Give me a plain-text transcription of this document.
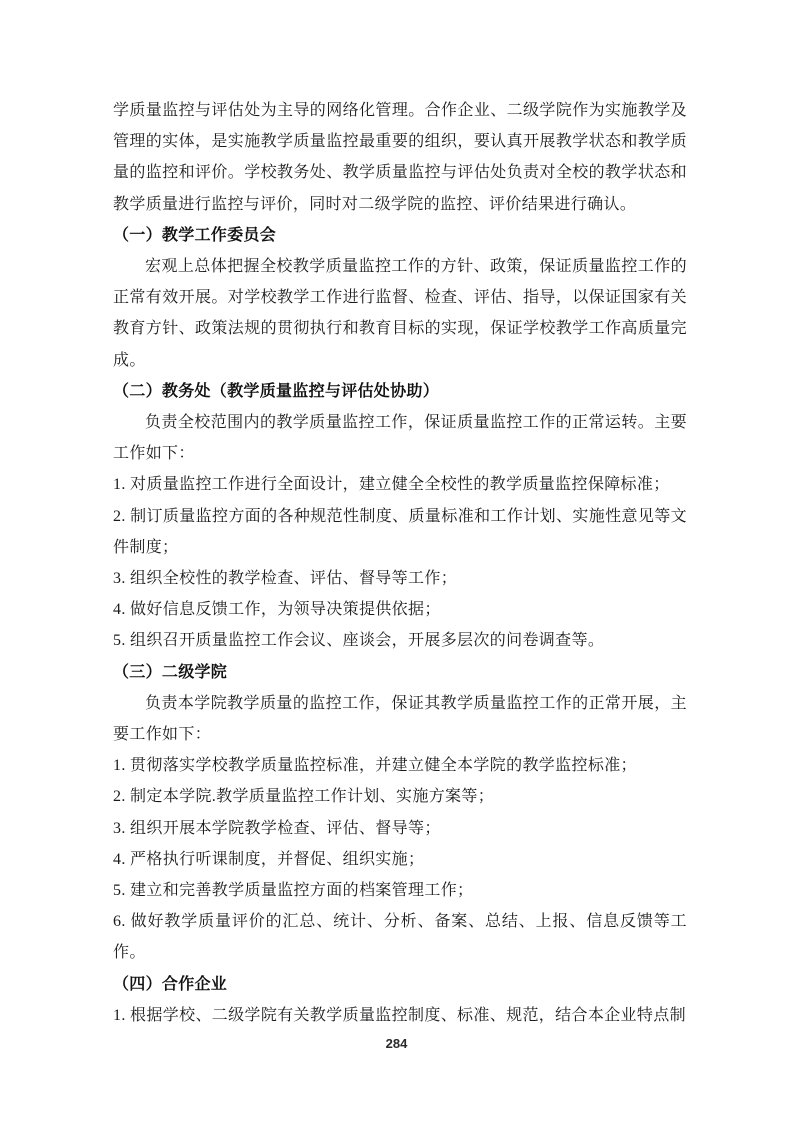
学质量监控与评估处为主导的网络化管理。合作企业、二级学院作为实施教学及管理的实体，是实施教学质量监控最重要的组织，要认真开展教学状态和教学质量的监控和评价。学校教务处、教学质量监控与评估处负责对全校的教学状态和教学质量进行监控与评价，同时对二级学院的监控、评价结果进行确认。

（一）教学工作委员会

宏观上总体把握全校教学质量监控工作的方针、政策，保证质量监控工作的正常有效开展。对学校教学工作进行监督、检查、评估、指导，以保证国家有关教育方针、政策法规的贯彻执行和教育目标的实现，保证学校教学工作高质量完成。

（二）教务处（教学质量监控与评估处协助）

负责全校范围内的教学质量监控工作，保证质量监控工作的正常运转。主要工作如下：

1. 对质量监控工作进行全面设计，建立健全全校性的教学质量监控保障标准；

2. 制订质量监控方面的各种规范性制度、质量标准和工作计划、实施性意见等文件制度；

3. 组织全校性的教学检查、评估、督导等工作；

4. 做好信息反馈工作，为领导决策提供依据；

5. 组织召开质量监控工作会议、座谈会，开展多层次的问卷调查等。

（三）二级学院

负责本学院教学质量的监控工作，保证其教学质量监控工作的正常开展，主要工作如下：

1. 贯彻落实学校教学质量监控标准，并建立健全本学院的教学监控标准；

2. 制定本学院.教学质量监控工作计划、实施方案等；

3. 组织开展本学院教学检查、评估、督导等；

4. 严格执行听课制度，并督促、组织实施；

5. 建立和完善教学质量监控方面的档案管理工作；

6. 做好教学质量评价的汇总、统计、分析、备案、总结、上报、信息反馈等工作。

（四）合作企业

1. 根据学校、二级学院有关教学质量监控制度、标准、规范，结合本企业特点制

284
